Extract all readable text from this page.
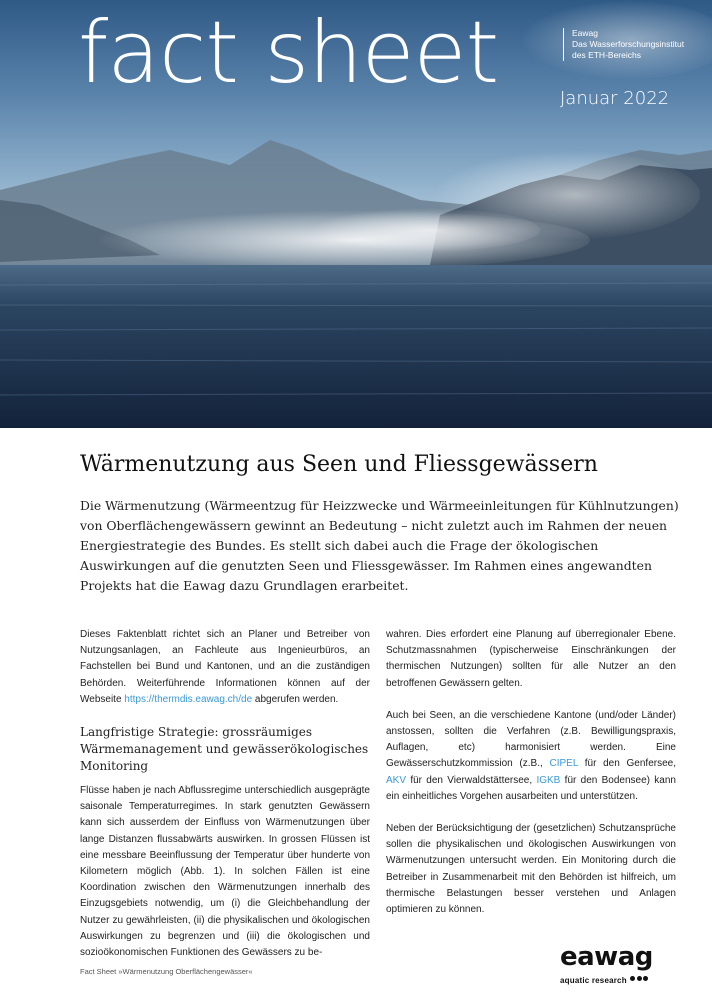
fact sheet	Eawag
Das Wasserforschungsinstitut
des ETH-Bereichs
Januar 2022
Wärmenutzung aus Seen und Fliessgewässern

Die Wärmenutzung (Wärmeentzug für Heizzwecke und Wärmeeinleitungen für Kühlnutzungen) von Oberflächengewässern gewinnt an Bedeutung – nicht zuletzt auch im Rahmen der neuen Energiestrategie des Bundes. Es stellt sich dabei auch die Frage der ökologischen Auswirkungen auf die genutzten Seen und Fliessgewässer. Im Rahmen eines angewandten Projekts hat die Eawag dazu Grundlagen erarbeitet.

Dieses Faktenblatt richtet sich an Planer und Betreiber von Nutzungsanlagen, an Fachleute aus Ingenieurbüros, an Fachstellen bei Bund und Kantonen, und an die zuständigen Behörden. Weiterführende Informationen können auf der Webseite https://thermdis.eawag.ch/de abgerufen werden.

Langfristige Strategie: grossräumiges Wärmemanagement und gewässerökologisches Monitoring

Flüsse haben je nach Abflussregime unterschiedlich ausgeprägte saisonale Temperaturregimes. In stark genutzten Gewässern kann sich ausserdem der Einfluss von Wärmenutzungen über lange Distanzen flussabwärts auswirken. In grossen Flüssen ist eine messbare Beeinflussung der Temperatur über hunderte von Kilometern möglich (Abb. 1). In solchen Fällen ist eine Koordination zwischen den Wärmenutzungen innerhalb des Einzugsgebiets notwendig, um (i) die Gleichbehandlung der Nutzer zu gewährleisten, (ii) die physikalischen und ökologischen Auswirkungen zu begrenzen und (iii) die ökologischen und sozioökonomischen Funktionen des Gewässers zu be-

wahren. Dies erfordert eine Planung auf überregionaler Ebene. Schutzmassnahmen (typischerweise Einschränkungen der thermischen Nutzungen) sollten für alle Nutzer an den betroffenen Gewässern gelten.

Auch bei Seen, an die verschiedene Kantone (und/oder Länder) anstossen, sollten die Verfahren (z.B. Bewilligungspraxis, Auflagen, etc) harmonisiert werden. Eine Gewässerschutzkommission (z.B., CIPEL für den Genfersee, AKV für den Vierwaldstättersee, IGKB für den Bodensee) kann ein einheitliches Vorgehen ausarbeiten und unterstützen.

Neben der Berücksichtigung der (gesetzlichen) Schutzansprüche sollen die physikalischen und ökologischen Auswirkungen von Wärmenutzungen untersucht werden. Ein Monitoring durch die Betreiber in Zusammenarbeit mit den Behörden ist hilfreich, um thermische Belastungen besser verstehen und Anlagen optimieren zu können.

Fact Sheet »Wärmenutzung Oberflächengewässer«	eawag
aquatic research
